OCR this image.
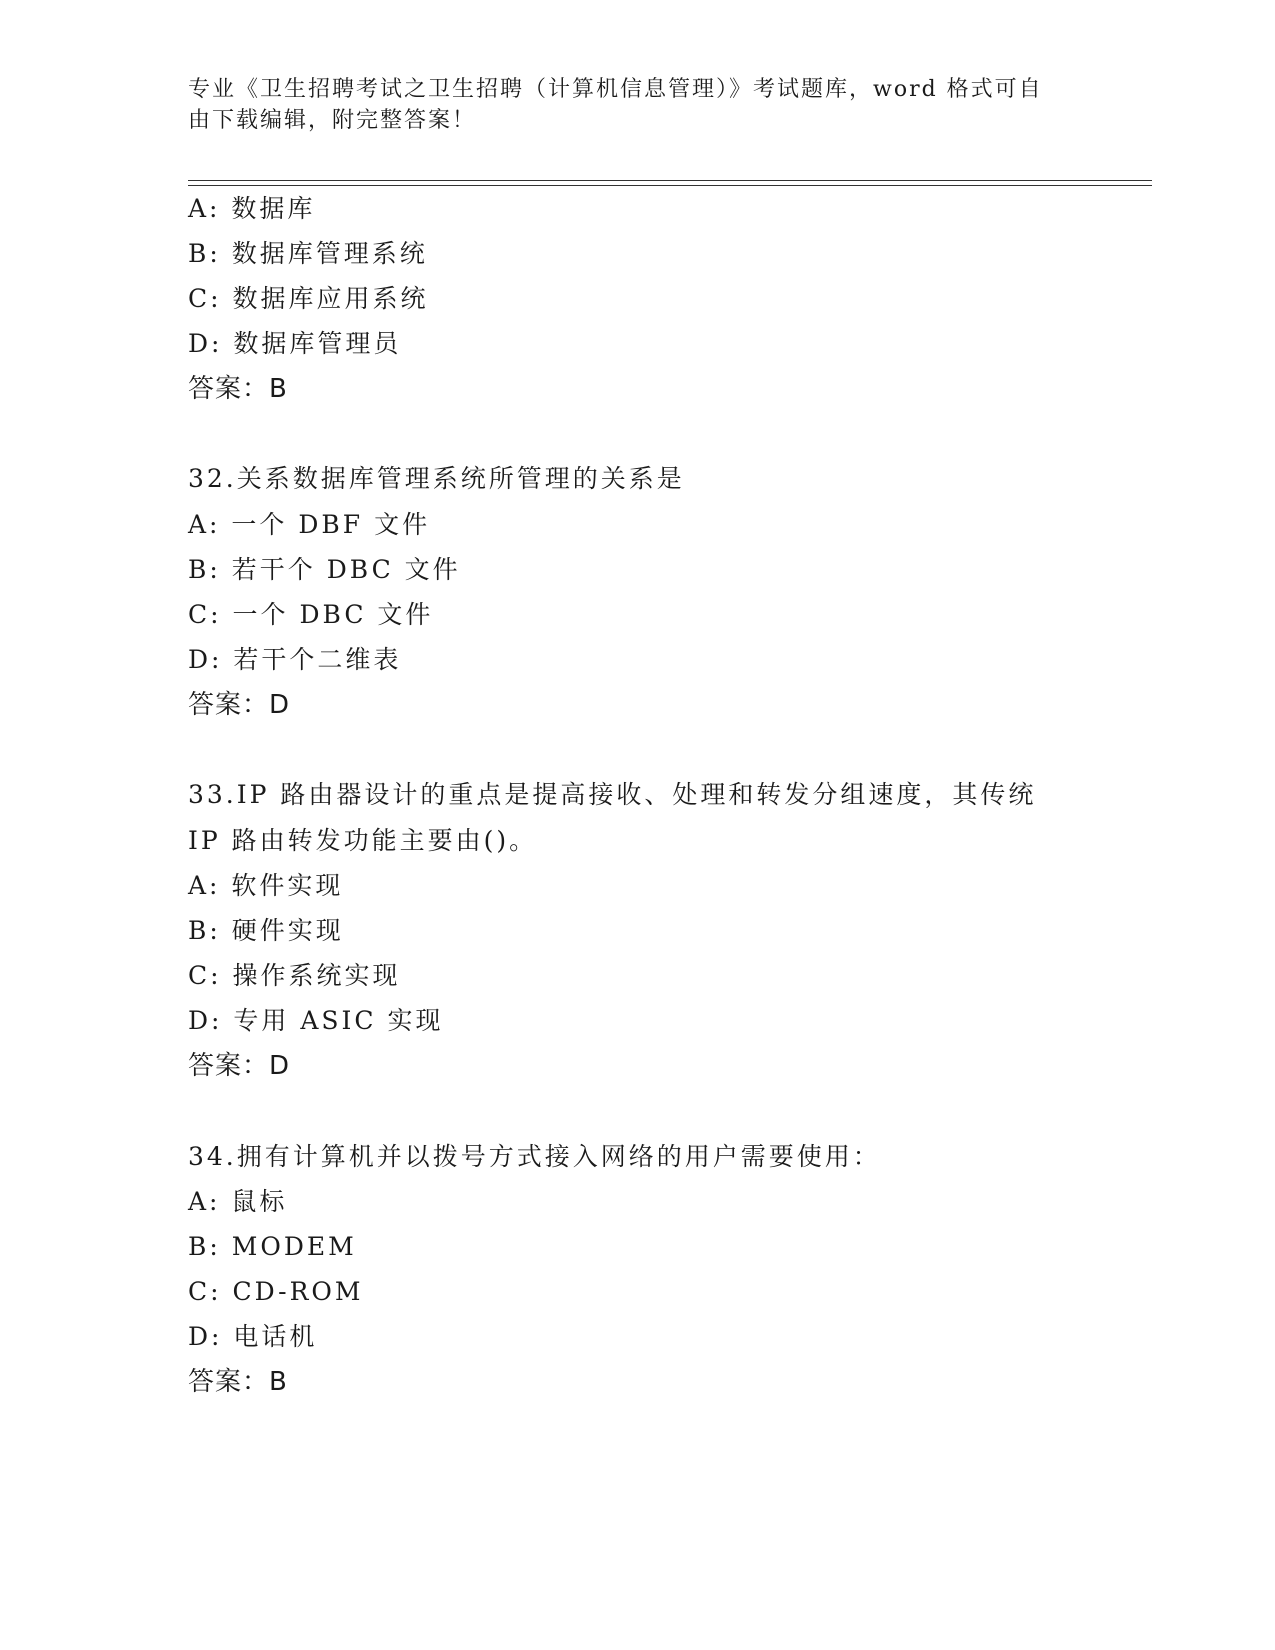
专业《卫生招聘考试之卫生招聘（计算机信息管理）》考试题库，word 格式可自
由下载编辑，附完整答案！
A: 数据库
B: 数据库管理系统
C: 数据库应用系统
D: 数据库管理员
答案：B
32.关系数据库管理系统所管理的关系是
A: 一个 DBF 文件
B: 若干个 DBC 文件
C: 一个 DBC 文件
D: 若干个二维表
答案：D
33.IP 路由器设计的重点是提高接收、处理和转发分组速度，其传统
IP 路由转发功能主要由()。
A: 软件实现
B: 硬件实现
C: 操作系统实现
D: 专用 ASIC 实现
答案：D
34.拥有计算机并以拨号方式接入网络的用户需要使用：
A: 鼠标
B: MODEM
C: CD-ROM
D: 电话机
答案：B
